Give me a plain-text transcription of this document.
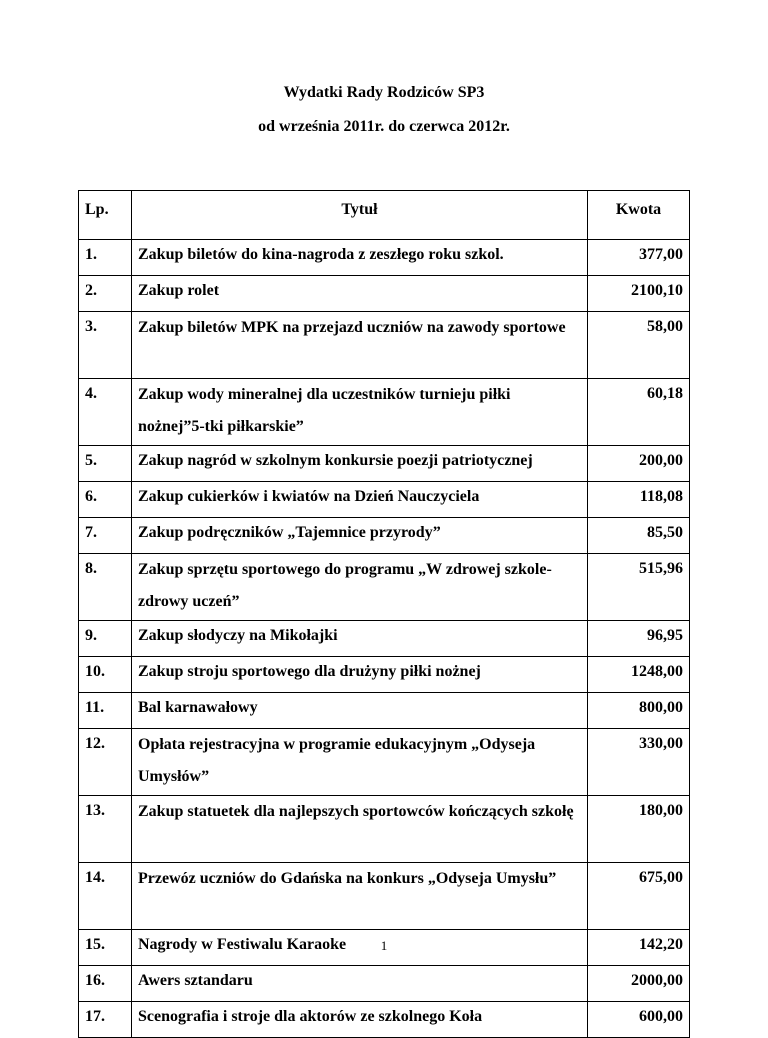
Wydatki Rady Rodziców SP3
od września 2011r. do czerwca 2012r.
Lp.	Tytuł	Kwota
1.	Zakup biletów do kina-nagroda z zeszłego roku szkol.	377,00
2.	Zakup rolet	2100,10
3.	Zakup biletów MPK na przejazd uczniów na zawody sportowe	58,00
4.	Zakup wody mineralnej dla uczestników turnieju piłki nożnej”5-tki piłkarskie”	60,18
5.	Zakup nagród w szkolnym konkursie poezji patriotycznej	200,00
6.	Zakup cukierków i kwiatów na Dzień Nauczyciela	118,08
7.	Zakup podręczników „Tajemnice przyrody”	85,50
8.	Zakup sprzętu sportowego do programu „W zdrowej szkole- zdrowy uczeń”	515,96
9.	Zakup słodyczy na Mikołajki	96,95
10.	Zakup stroju sportowego dla drużyny piłki nożnej	1248,00
11.	Bal karnawałowy	800,00
12.	Opłata rejestracyjna w programie edukacyjnym „Odyseja Umysłów”	330,00
13.	Zakup statuetek dla najlepszych sportowców kończących szkołę	180,00
14.	Przewóz uczniów do Gdańska na konkurs „Odyseja Umysłu”	675,00
15.	Nagrody w Festiwalu Karaoke	142,20
16.	Awers sztandaru	2000,00
17.	Scenografia i stroje dla aktorów ze szkolnego Koła	600,00
1
